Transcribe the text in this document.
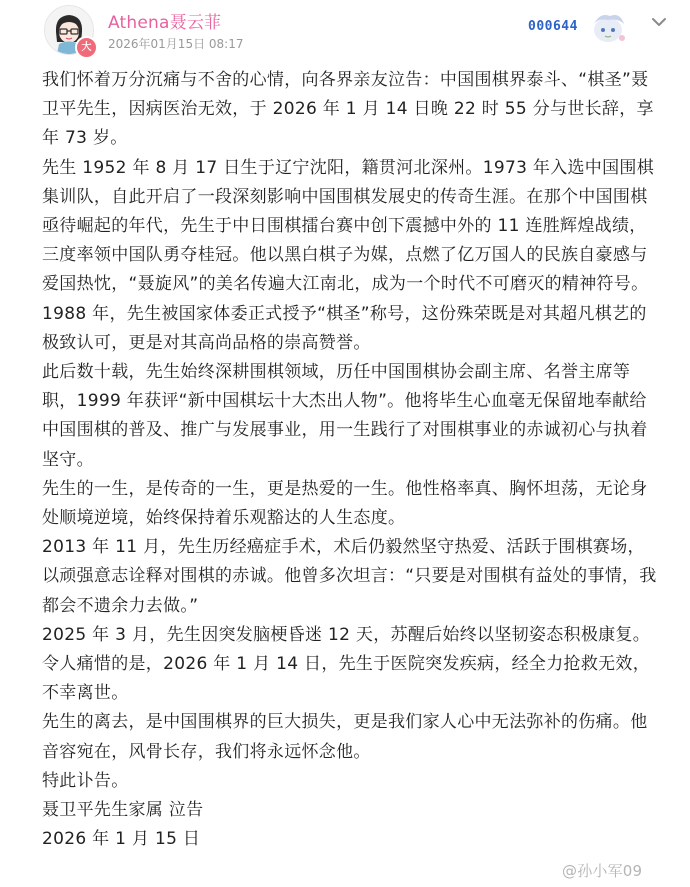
大
Athena聂云菲
2026年01月15日 08:17
000644

我们怀着万分沉痛与不舍的心情，向各界亲友泣告：中国围棋界泰斗、“棋圣”聂卫平先生，因病医治无效，于 2026 年 1 月 14 日晚 22 时 55 分与世长辞，享年 73 岁。

先生 1952 年 8 月 17 日生于辽宁沈阳，籍贯河北深州。1973 年入选中国围棋集训队，自此开启了一段深刻影响中国围棋发展史的传奇生涯。在那个中国围棋亟待崛起的年代，先生于中日围棋擂台赛中创下震撼中外的 11 连胜辉煌战绩，三度率领中国队勇夺桂冠。他以黑白棋子为媒，点燃了亿万国人的民族自豪感与爱国热忱，“聂旋风”的美名传遍大江南北，成为一个时代不可磨灭的精神符号。1988 年，先生被国家体委正式授予“棋圣”称号，这份殊荣既是对其超凡棋艺的极致认可，更是对其高尚品格的崇高赞誉。

此后数十载，先生始终深耕围棋领域，历任中国围棋协会副主席、名誉主席等职，1999 年获评“新中国棋坛十大杰出人物”。他将毕生心血毫无保留地奉献给中国围棋的普及、推广与发展事业，用一生践行了对围棋事业的赤诚初心与执着坚守。

先生的一生，是传奇的一生，更是热爱的一生。他性格率真、胸怀坦荡，无论身处顺境逆境，始终保持着乐观豁达的人生态度。

2013 年 11 月，先生历经癌症手术，术后仍毅然坚守热爱、活跃于围棋赛场，以顽强意志诠释对围棋的赤诚。他曾多次坦言：“只要是对围棋有益处的事情，我都会不遗余力去做。”

2025 年 3 月，先生因突发脑梗昏迷 12 天，苏醒后始终以坚韧姿态积极康复。

令人痛惜的是，2026 年 1 月 14 日，先生于医院突发疾病，经全力抢救无效，不幸离世。

先生的离去，是中国围棋界的巨大损失，更是我们家人心中无法弥补的伤痛。他音容宛在，风骨长存，我们将永远怀念他。

特此讣告。

聂卫平先生家属 泣告

2026 年 1 月 15 日

@孙小军09
